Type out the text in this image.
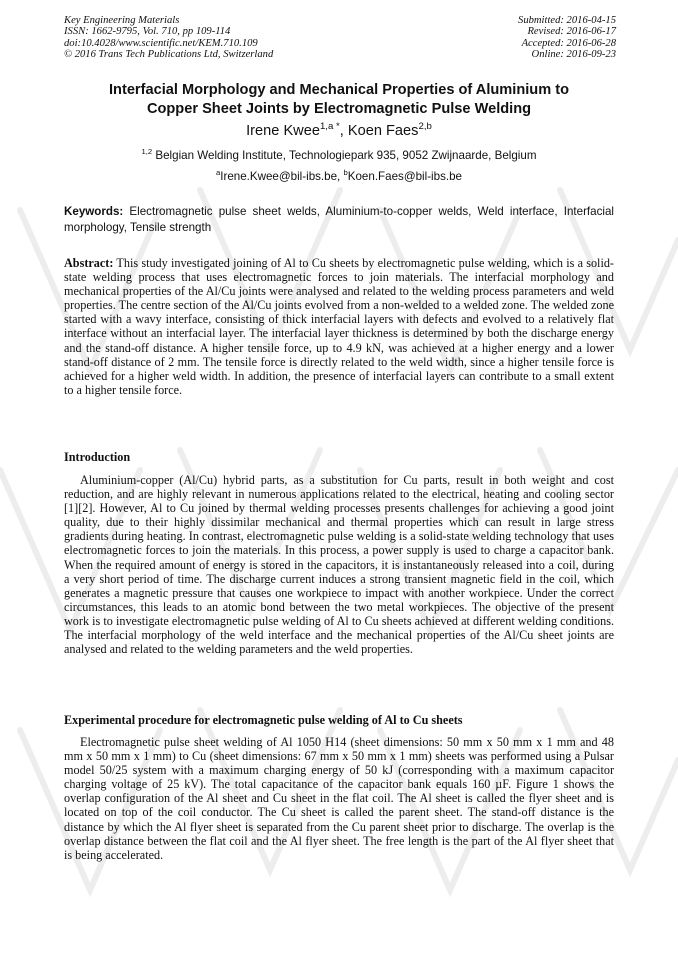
Key Engineering Materials
ISSN: 1662-9795, Vol. 710, pp 109-114
doi:10.4028/www.scientific.net/KEM.710.109
© 2016 Trans Tech Publications Ltd, Switzerland
Submitted: 2016-04-15
Revised: 2016-06-17
Accepted: 2016-06-28
Online: 2016-09-23
Interfacial Morphology and Mechanical Properties of Aluminium to
Copper Sheet Joints by Electromagnetic Pulse Welding
Irene Kwee$^{1,a *}$, Koen Faes$^{2,b}$
$^{1,2}$ Belgian Welding Institute, Technologiepark 935, 9052 Zwijnaarde, Belgium
$^a$Irene.Kwee@bil-ibs.be, $^b$Koen.Faes@bil-ibs.be
Keywords: Electromagnetic pulse sheet welds, Aluminium-to-copper welds, Weld interface, Interfacial morphology, Tensile strength
Abstract: This study investigated joining of Al to Cu sheets by electromagnetic pulse welding, which is a solid-state welding process that uses electromagnetic forces to join materials. The interfacial morphology and mechanical properties of the Al/Cu joints were analysed and related to the welding process parameters and weld properties. The centre section of the Al/Cu joints evolved from a non-welded to a welded zone. The welded zone started with a wavy interface, consisting of thick interfacial layers with defects and evolved to a relatively flat interface without an interfacial layer. The interfacial layer thickness is determined by both the discharge energy and the stand-off distance. A higher tensile force, up to 4.9 kN, was achieved at a higher energy and a lower stand-off distance of 2 mm. The tensile force is directly related to the weld width, since a higher tensile force is achieved for a higher weld width. In addition, the presence of interfacial layers can contribute to a small extent to a higher tensile force.
Introduction
Aluminium-copper (Al/Cu) hybrid parts, as a substitution for Cu parts, result in both weight and cost reduction, and are highly relevant in numerous applications related to the electrical, heating and cooling sector [1][2]. However, Al to Cu joined by thermal welding processes presents challenges for achieving a good joint quality, due to their highly dissimilar mechanical and thermal properties which can result in large stress gradients during heating. In contrast, electromagnetic pulse welding is a solid-state welding technology that uses electromagnetic forces to join the materials. In this process, a power supply is used to charge a capacitor bank. When the required amount of energy is stored in the capacitors, it is instantaneously released into a coil, during a very short period of time. The discharge current induces a strong transient magnetic field in the coil, which generates a magnetic pressure that causes one workpiece to impact with another workpiece. Under the correct circumstances, this leads to an atomic bond between the two metal workpieces. The objective of the present work is to investigate electromagnetic pulse welding of Al to Cu sheets achieved at different welding conditions. The interfacial morphology of the weld interface and the mechanical properties of the Al/Cu sheet joints are analysed and related to the welding parameters and the weld properties.
Experimental procedure for electromagnetic pulse welding of Al to Cu sheets
Electromagnetic pulse sheet welding of Al 1050 H14 (sheet dimensions: 50 mm x 50 mm x 1 mm and 48 mm x 50 mm x 1 mm) to Cu (sheet dimensions: 67 mm x 50 mm x 1 mm) sheets was performed using a Pulsar model 50/25 system with a maximum charging energy of 50 kJ (corresponding with a maximum capacitor charging voltage of 25 kV). The total capacitance of the capacitor bank equals 160 µF. Figure 1 shows the overlap configuration of the Al sheet and Cu sheet in the flat coil. The Al sheet is called the flyer sheet and is located on top of the coil conductor. The Cu sheet is called the parent sheet. The stand-off distance is the distance by which the Al flyer sheet is separated from the Cu parent sheet prior to discharge. The overlap is the overlap distance between the flat coil and the Al flyer sheet. The free length is the part of the Al flyer sheet that is being accelerated.
